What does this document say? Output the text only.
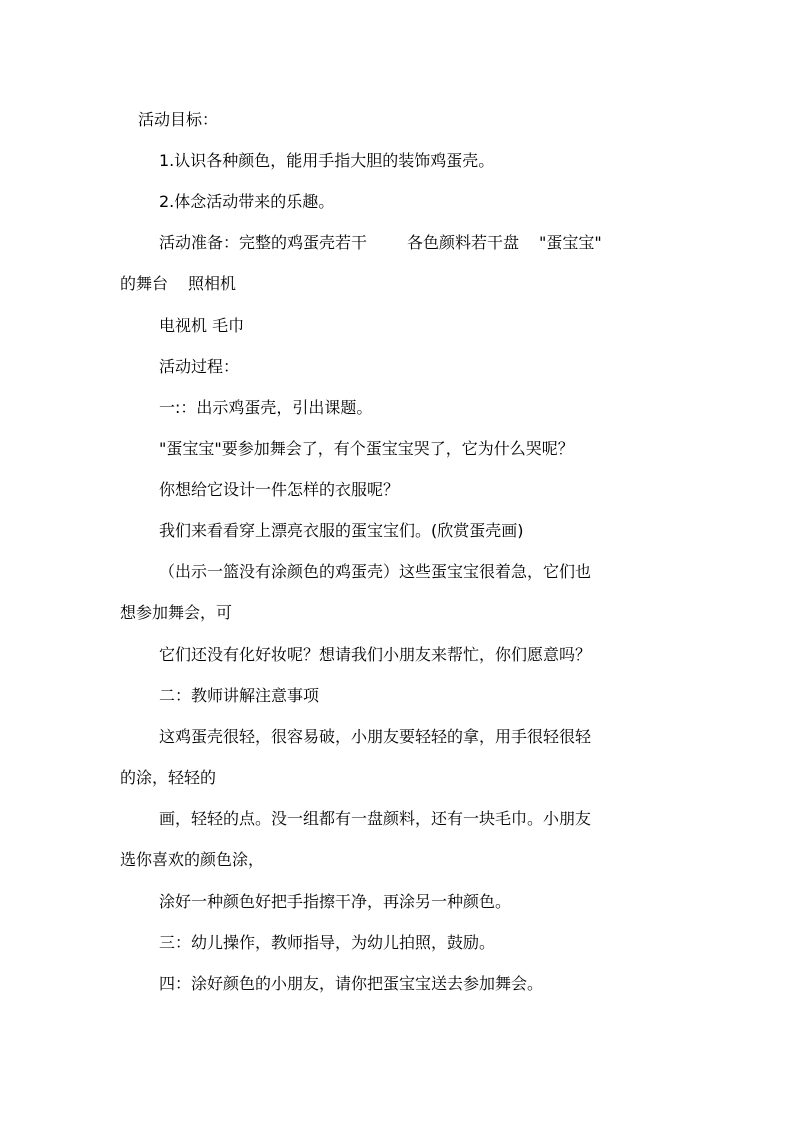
活动目标：
1.认识各种颜色，能用手指大胆的装饰鸡蛋壳。
2.体念活动带来的乐趣。
活动准备：完整的鸡蛋壳若干	各色颜料若干盘 "蛋宝宝"
的舞台 照相机
电视机 毛巾
活动过程：
一:：出示鸡蛋壳，引出课题。
"蛋宝宝"要参加舞会了，有个蛋宝宝哭了，它为什么哭呢？
你想给它设计一件怎样的衣服呢？
我们来看看穿上漂亮衣服的蛋宝宝们。(欣赏蛋壳画)
（出示一篮没有涂颜色的鸡蛋壳）这些蛋宝宝很着急，它们也
想参加舞会，可
它们还没有化好妆呢？想请我们小朋友来帮忙，你们愿意吗？
二：教师讲解注意事项
这鸡蛋壳很轻，很容易破，小朋友要轻轻的拿，用手很轻很轻
的涂，轻轻的
画，轻轻的点。没一组都有一盘颜料，还有一块毛巾。小朋友
选你喜欢的颜色涂，
涂好一种颜色好把手指擦干净，再涂另一种颜色。
三：幼儿操作，教师指导，为幼儿拍照，鼓励。
四：涂好颜色的小朋友，请你把蛋宝宝送去参加舞会。
